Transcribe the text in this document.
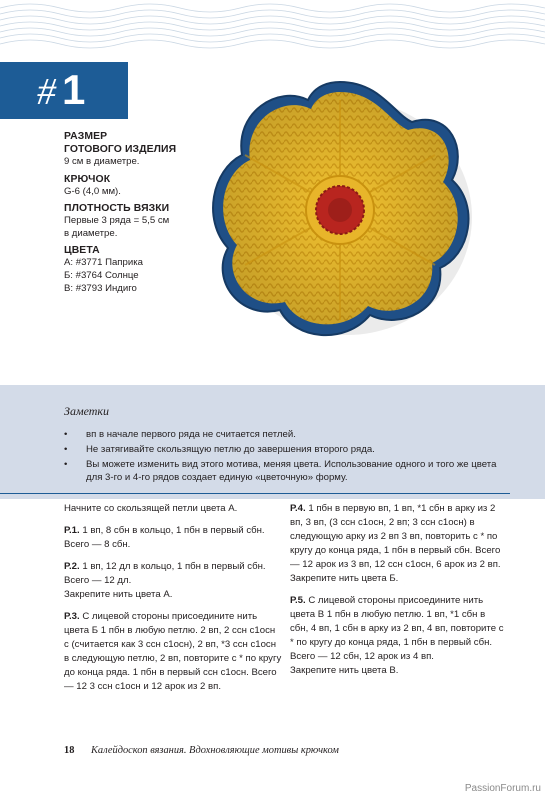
# 1
РАЗМЕР
ГОТОВОГО ИЗДЕЛИЯ
9 см в диаметре.
КРЮЧОК
G-6 (4,0 мм).
ПЛОТНОСТЬ ВЯЗКИ
Первые 3 ряда = 5,5 см
в диаметре.
ЦВЕТА
А: #3771 Паприка
Б: #3764 Солнце
В: #3793 Индиго
Заметки
• вп в начале первого ряда не считается петлей.
• Не затягивайте скользящую петлю до завершения второго ряда.
• Вы можете изменить вид этого мотива, меняя цвета. Использование одного и того же цвета для 3-го и 4-го рядов создает единую «цветочную» форму.

Начните со скользящей петли цвета А.

Р.1. 1 вп, 8 сбн в кольцо, 1 пбн в первый сбн. Всего — 8 сбн.

Р.2. 1 вп, 12 дл в кольцо, 1 пбн в первый сбн. Всего — 12 дл.
Закрепите нить цвета А.

Р.3. С лицевой стороны присоедините нить цвета Б 1 пбн в любую петлю. 2 вп, 2 ссн с1осн с (считается как 3 ссн с1осн), 2 вп, *3 ссн с1осн в следующую петлю, 2 вп, повторите с * по кругу до конца ряда. 1 пбн в первый ссн с1осн. Всего — 12 3 ссн с1осн и 12 арок из 2 вп.

Р.4. 1 пбн в первую вп, 1 вп, *1 сбн в арку из 2 вп, 3 вп, (3 ссн с1осн, 2 вп; 3 ссн с1осн) в следующую арку из 2 вп 3 вп, повторить с * по кругу до конца ряда, 1 пбн в первый сбн. Всего — 12 арок из 3 вп, 12 ссн с1осн, 6 арок из 2 вп.
Закрепите нить цвета Б.

Р.5. С лицевой стороны присоедините нить цвета В 1 пбн в любую петлю. 1 вп, *1 сбн в сбн, 4 вп, 1 сбн в арку из 2 вп, 4 вп, повторите с * по кругу до конца ряда, 1 пбн в первый сбн. Всего — 12 сбн, 12 арок из 4 вп.
Закрепите нить цвета В.

18 Калейдоскоп вязания. Вдохновляющие мотивы крючком
PassionForum.ru
